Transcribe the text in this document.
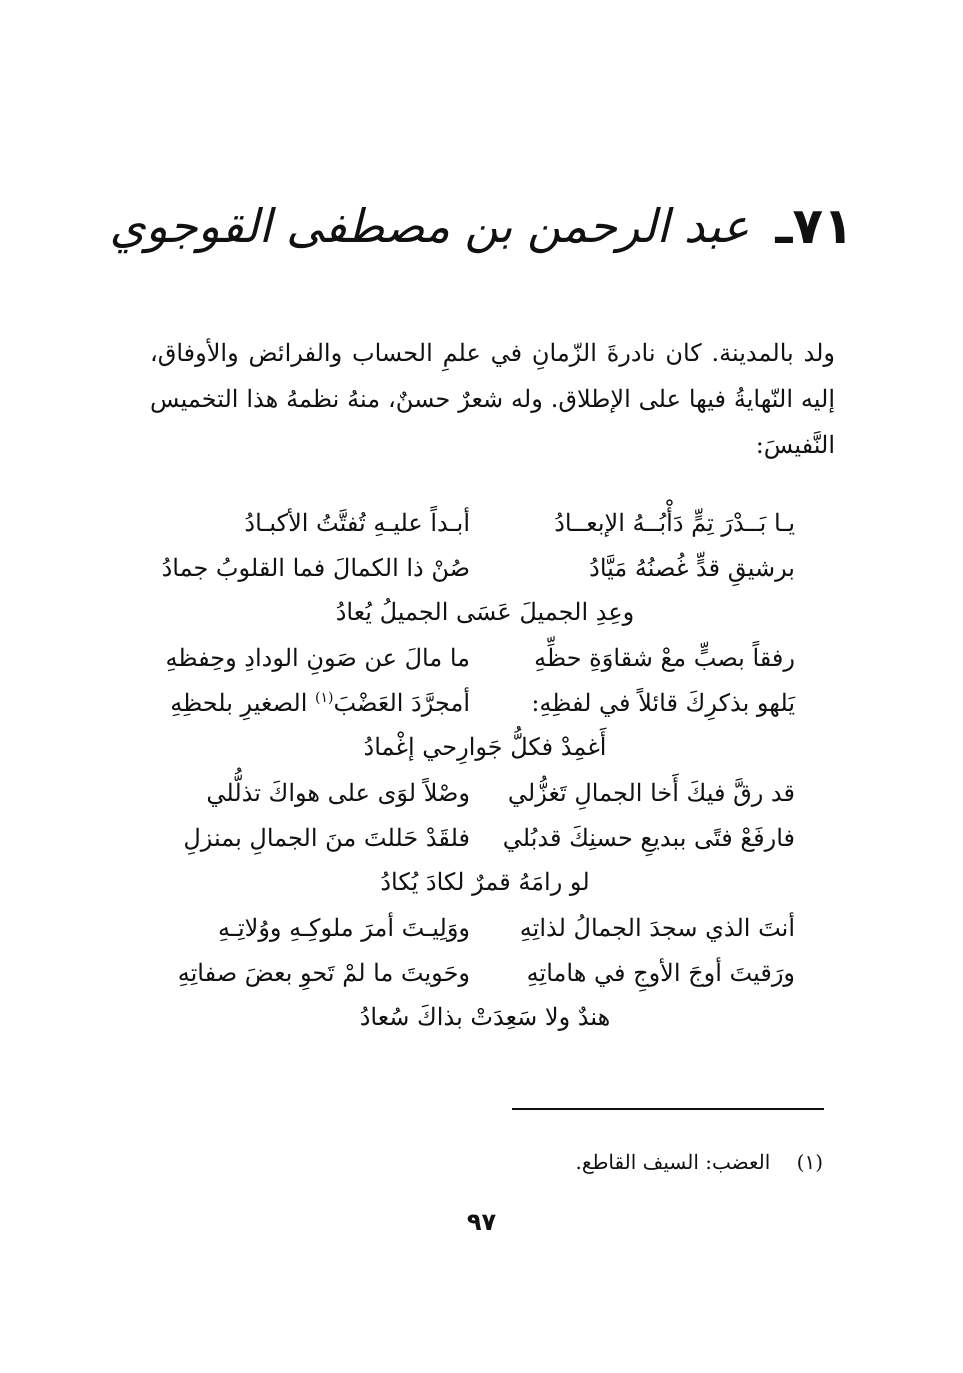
٧١ـ
عبد الرحمن بن مصطفى القوجوي
ولد بالمدينة. كان نادرةَ الزّمانِ في علمِ الحساب والفرائض والأوفاق، إليه النّهايةُ فيها على الإطلاق. وله شعرٌ حسنٌ، منهُ نظمهُ هذا التخميس النَّفيسَ:
يـا بَــدْرَ تِمٍّ دَأْبُــهُ الإبعــادُ
أبـداً عليـهِ تُفتَّتُ الأكبـادُ
برشيقِ قدٍّ غُصنُهُ مَيَّادُ
صُنْ ذا الكمالَ فما القلوبُ جمادُ
وعِدِ الجميلَ عَسَى الجميلُ يُعادُ
رفقاً بصبٍّ معْ شقاوَةِ حظِّهِ
ما مالَ عن صَونِ الودادِ وحِفظهِ
يَلهو بذكرِكَ قائلاً في لفظِهِ:
أمجرَّدَ العَضْبَ$^{(١)}$ الصغيرِ بلحظِهِ
أَغمِدْ فكلُّ جَوارِحي إغْمادُ
قد رقَّ فيكَ أَخا الجمالِ تَغزُّلي
وصْلاً لوَى على هواكَ تذلُّلي
فارفَعْ فتًى ببديعِ حسنِكَ قدبُلي
فلقَدْ حَللتَ منَ الجمالِ بمنزلِ
لو رامَهُ قمرٌ لكادَ يُكادُ
أنتَ الذي سجدَ الجمالُ لذاتِهِ
ووَلِيـتَ أمرَ ملوكِـهِ ووُلاتِـهِ
ورَقيتَ أوجَ الأوجِ في هاماتِهِ
وحَويتَ ما لمْ تَحوِ بعضَ صفاتِهِ
هندٌ ولا سَعِدَتْ بذاكَ سُعادُ
(١) العضب: السيف القاطع.
٩٧
